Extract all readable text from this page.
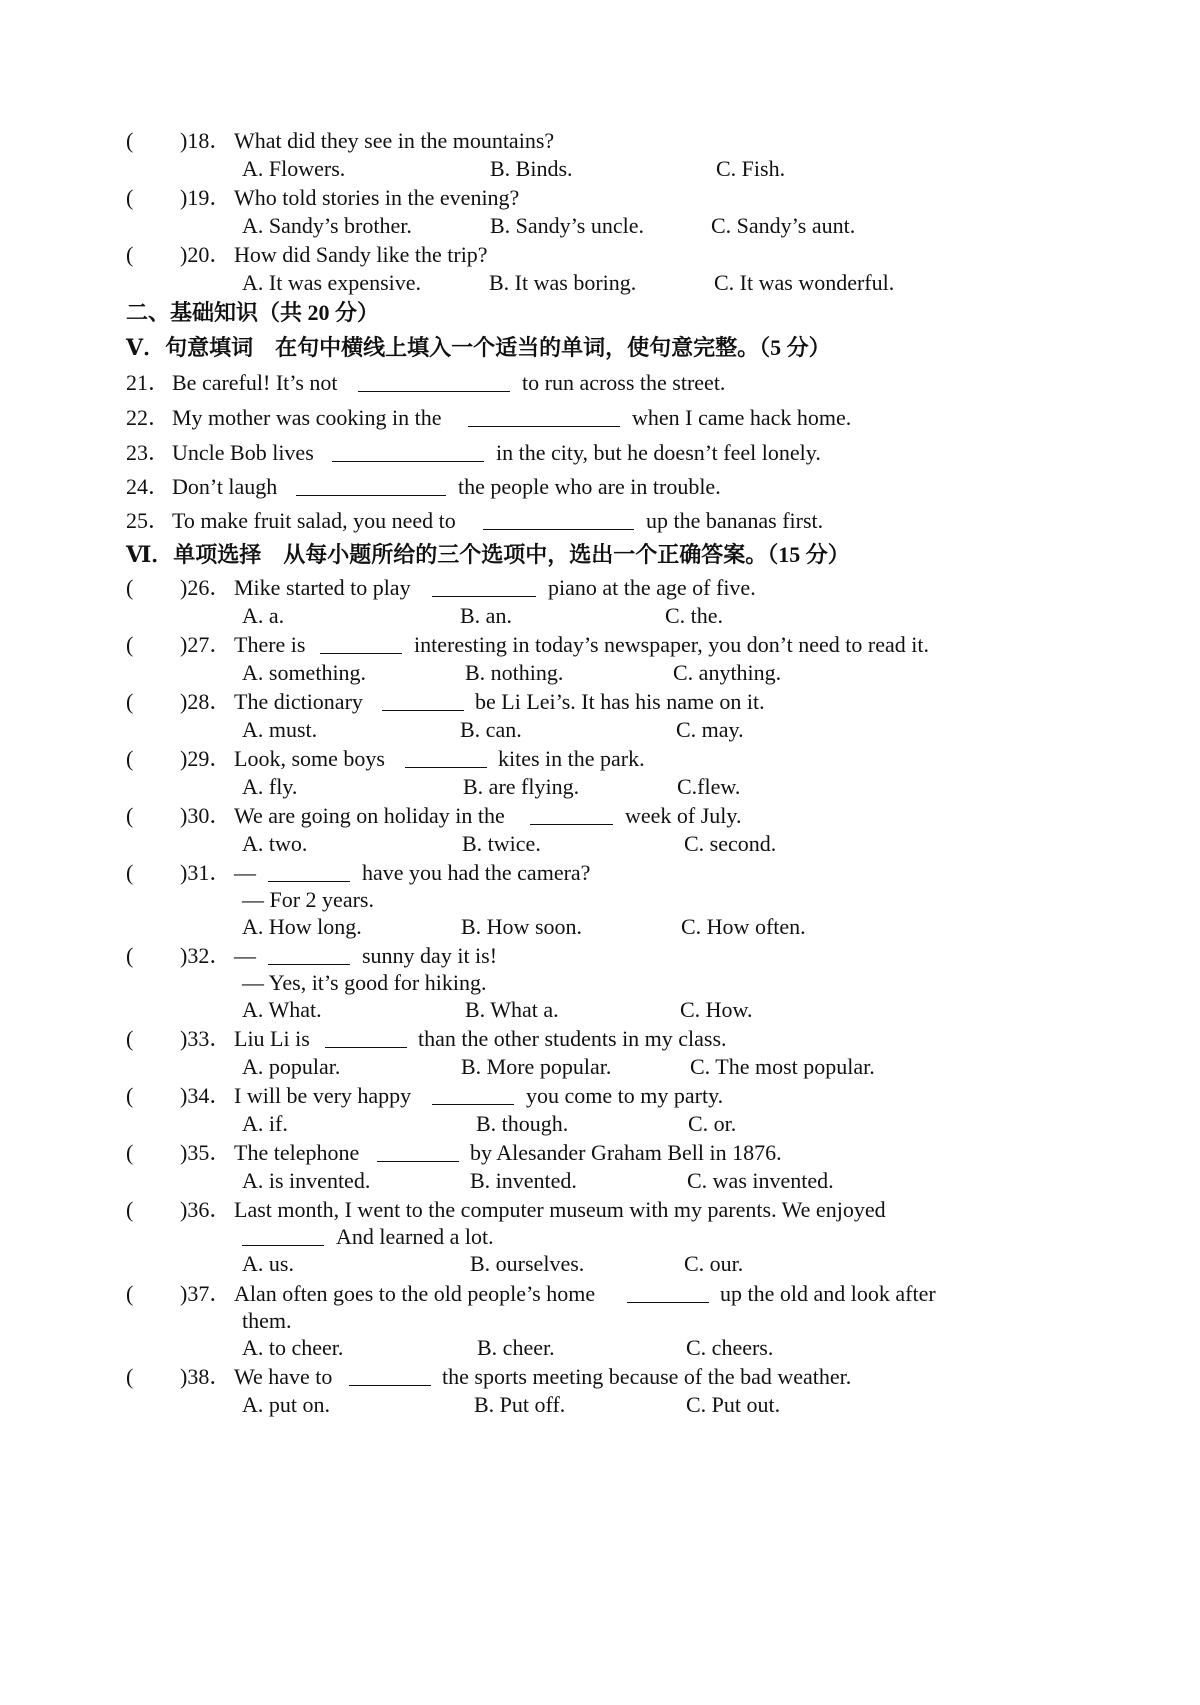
( )18． What did they see in the mountains?
A. Flowers.	B. Binds.	C. Fish.
( )19． Who told stories in the evening?
A. Sandy’s brother.	B. Sandy’s uncle.	C. Sandy’s aunt.
( )20． How did Sandy like the trip?
A. It was expensive.	B. It was boring.	C. It was wonderful.
二、基础知识（共 20 分）
Ⅴ．句意填词　在句中横线上填入一个适当的单词，使句意完整。（5 分）
21． Be careful! It’s not	to run across the street.
22． My mother was cooking in the	when I came hack home.
23． Uncle Bob lives	in the city, but he doesn’t feel lonely.
24． Don’t laugh	the people who are in trouble.
25． To make fruit salad, you need to	up the bananas first.
Ⅵ．单项选择　从每小题所给的三个选项中，选出一个正确答案。（15 分）
( )26． Mike started to play	piano at the age of five.
A. a.	B. an.	C. the.
( )27． There is	interesting in today’s newspaper, you don’t need to read it.
A. something.	B. nothing.	C. anything.
( )28． The dictionary	be Li Lei’s. It has his name on it.
A. must.	B. can.	C. may.
( )29． Look, some boys	kites in the park.
A. fly.	B. are flying.	C.flew.
( )30． We are going on holiday in the	week of July.
A. two.	B. twice.	C. second.
( )31． —	have you had the camera?
— For 2 years.
A. How long.	B. How soon.	C. How often.
( )32． —	sunny day it is!
— Yes, it’s good for hiking.
A. What.	B. What a.	C. How.
( )33． Liu Li is	than the other students in my class.
A. popular.	B. More popular.	C. The most popular.
( )34． I will be very happy	you come to my party.
A. if.	B. though.	C. or.
( )35． The telephone	by Alesander Graham Bell in 1876.
A. is invented.	B. invented.	C. was invented.
( )36． Last month, I went to the computer museum with my parents. We enjoyed
And learned a lot.
A. us.	B. ourselves.	C. our.
( )37． Alan often goes to the old people’s home	up the old and look after
them.
A. to cheer.	B. cheer.	C. cheers.
( )38． We have to	the sports meeting because of the bad weather.
A. put on.	B. Put off.	C. Put out.
